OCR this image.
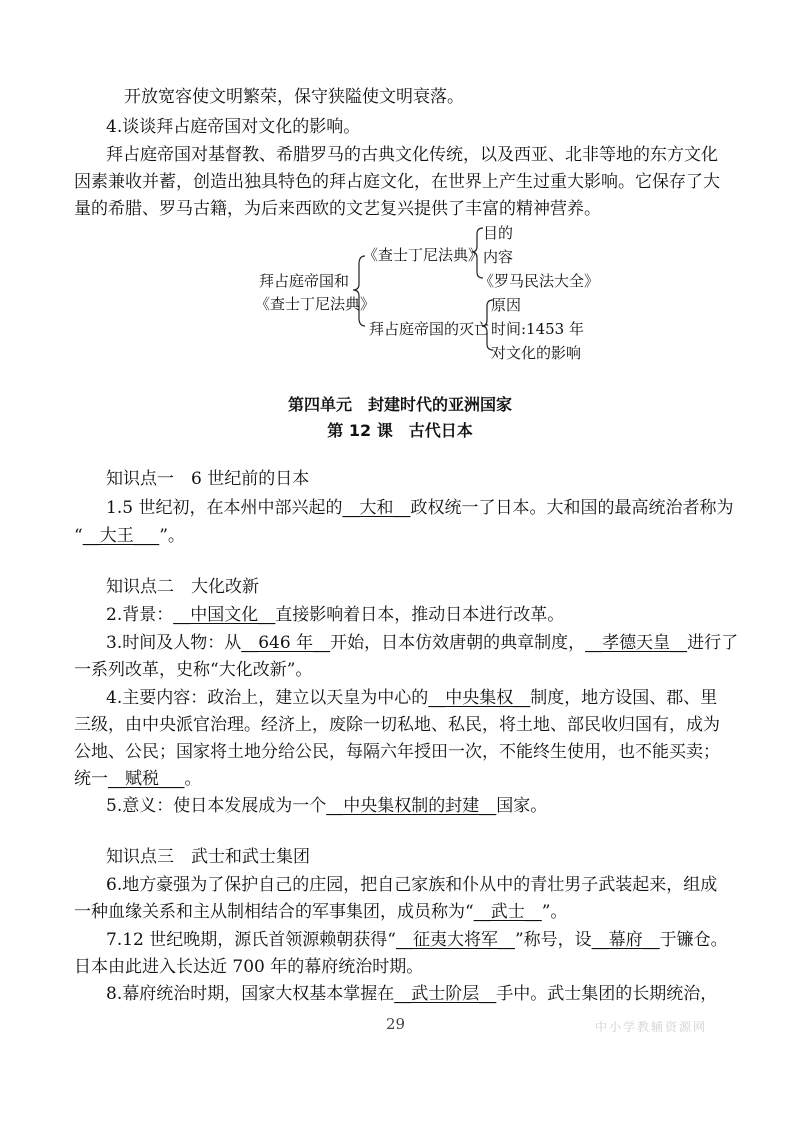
开放宽容使文明繁荣，保守狭隘使文明衰落。
4.谈谈拜占庭帝国对文化的影响。
拜占庭帝国对基督教、希腊罗马的古典文化传统，以及西亚、北非等地的东方文化
因素兼收并蓄，创造出独具特色的拜占庭文化，在世界上产生过重大影响。它保存了大
量的希腊、罗马古籍，为后来西欧的文艺复兴提供了丰富的精神营养。
拜占庭帝国和
《查士丁尼法典》
《查士丁尼法典》
目的
内容
《罗马民法大全》
拜占庭帝国的灭亡
原因
时间:1453 年
对文化的影响
第四单元　封建时代的亚洲国家
第 12 课　古代日本
知识点一　6 世纪前的日本
1.5 世纪初，在本州中部兴起的__大和__政权统一了日本。大和国的最高统治者称为
“__大王___”。
知识点二　大化改新
2.背景：__中国文化__直接影响着日本，推动日本进行改革。
3.时间及人物：从__646 年__开始，日本仿效唐朝的典章制度，__孝德天皇__进行了
一系列改革，史称“大化改新”。
4.主要内容：政治上，建立以天皇为中心的__中央集权__制度，地方设国、郡、里
三级，由中央派官治理。经济上，废除一切私地、私民，将土地、部民收归国有，成为
公地、公民；国家将土地分给公民，每隔六年授田一次，不能终生使用，也不能买卖；
统一__赋税___。
5.意义：使日本发展成为一个__中央集权制的封建__国家。
知识点三　武士和武士集团
6.地方豪强为了保护自己的庄园，把自己家族和仆从中的青壮男子武装起来，组成
一种血缘关系和主从制相结合的军事集团，成员称为“__武士__”。
7.12 世纪晚期，源氏首领源赖朝获得“__征夷大将军__”称号，设__幕府__于镰仓。
日本由此进入长达近 700 年的幕府统治时期。
8.幕府统治时期，国家大权基本掌握在__武士阶层__手中。武士集团的长期统治，
29	中小学教辅资源网
